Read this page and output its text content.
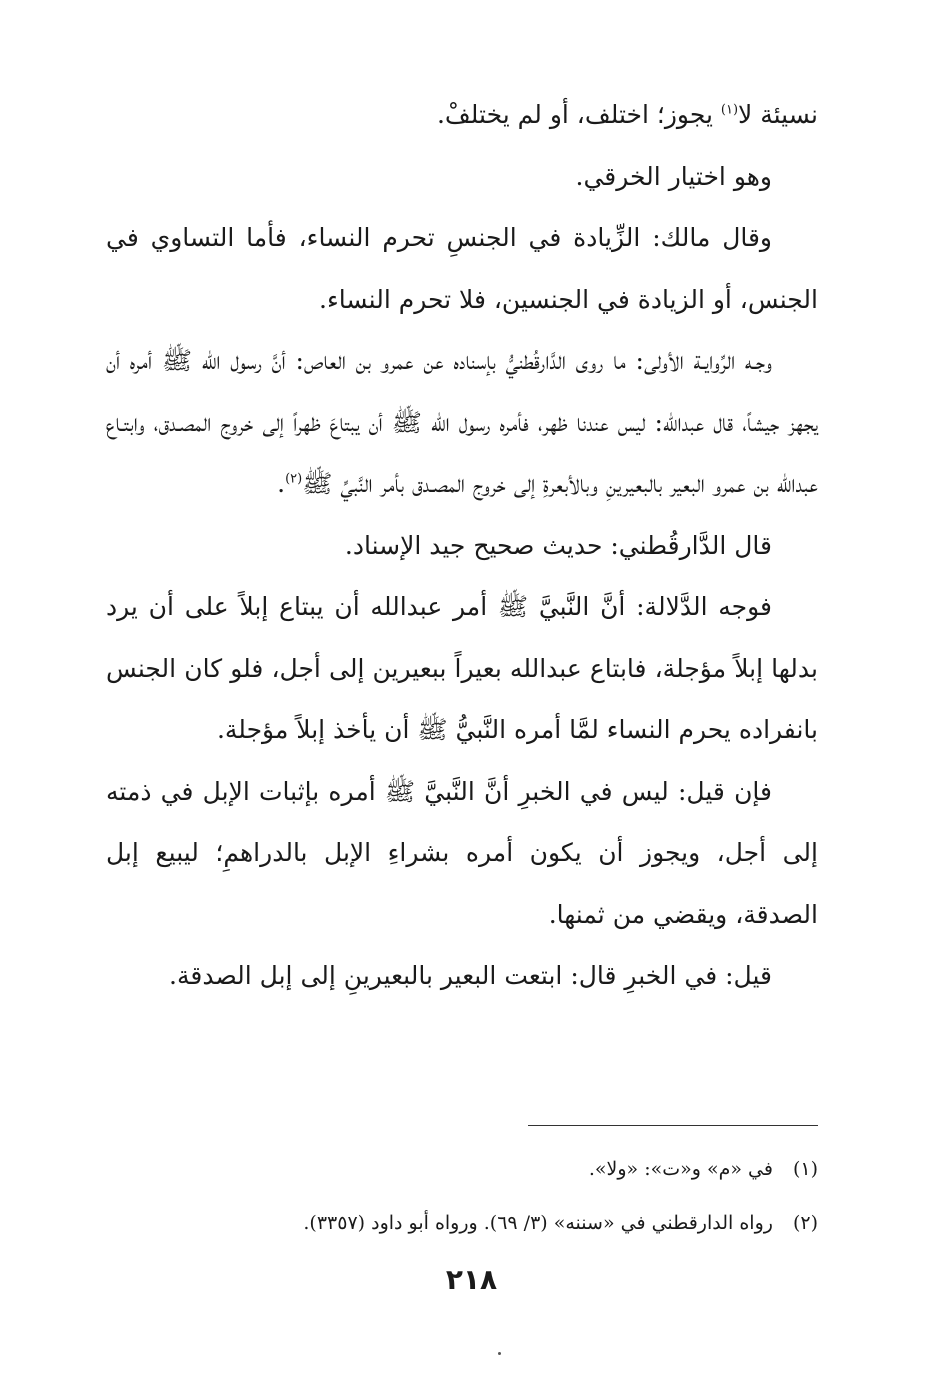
نسيئة لا$^{(١)}$ يجوز؛ اختلف، أو لم يختلفْ.

وهو اختيار الخرقي.

وقال مالك: الزِّيادة في الجنسِ تحرم النساء، فأما التساوي في الجنس، أو الزيادة في الجنسين، فلا تحرم النساء.

وجـه الرِّوايـة الأولى: ما روى الدَّارقُطنيُّ بإسناده عن عمرو بن العاص: أنَّ رسول الله ﷺ أمره أن يجهز جيشاً، قال عبدالله: ليس عندنا ظهر، فأمره رسول الله ﷺ أن يبتاعَ ظهراً إلى خروج المصـدق، وابتـاع عبدالله بن عمرو البعير بالبعيرينِ وبالأبعرةِ إلى خروج المصـدق بأمر النَّبيِّ ﷺ$^{(٢)}$.

قال الدَّارقُطني: حديث صحيح جيد الإسناد.

فوجه الدَّلالة: أنَّ النَّبيَّ ﷺ أمر عبدالله أن يبتاع إبلاً على أن يرد بدلها إبلاً مؤجلة، فابتاع عبدالله بعيراً ببعيرين إلى أجل، فلو كان الجنس بانفراده يحرم النساء لمَّا أمره النَّبيُّ ﷺ أن يأخذ إبلاً مؤجلة.

فإن قيل: ليس في الخبرِ أنَّ النَّبيَّ ﷺ أمره بإثبات الإبل في ذمته إلى أجل، ويجوز أن يكون أمره بشراءِ الإبل بالدراهمِ؛ ليبيع إبل الصدقة، ويقضي من ثمنها.

قيل: في الخبرِ قال: ابتعت البعير بالبعيرينِ إلى إبل الصدقة.

(١)
في «م» و«ت»: «ولا».
(٢)
رواه الدارقطني في «سننه» (٣/ ٦٩). ورواه أبو داود (٣٣٥٧).
٢١٨
